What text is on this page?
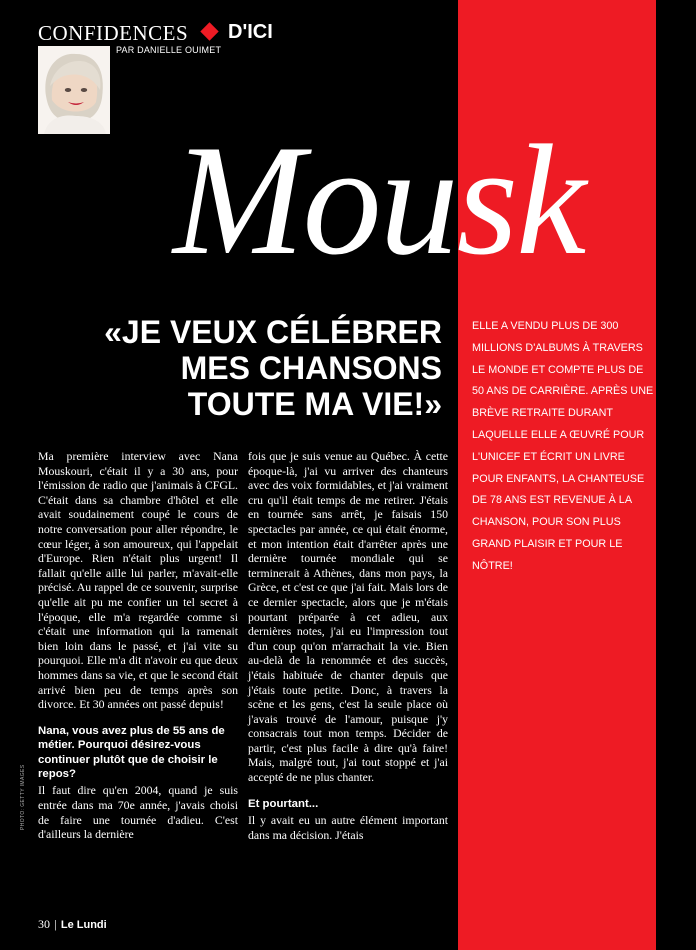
CONFIDENCES D'ICI
PAR DANIELLE OUIMET
Mousk
«JE VEUX CÉLÉBRER
MES CHANSONS
TOUTE MA VIE!»
ELLE A VENDU PLUS DE 300 MILLIONS D'ALBUMS À TRAVERS LE MONDE ET COMPTE PLUS DE 50 ANS DE CARRIÈRE. APRÈS UNE BRÈVE RETRAITE DURANT LAQUELLE ELLE A ŒUVRÉ POUR L'UNICEF ET ÉCRIT UN LIVRE POUR ENFANTS, LA CHANTEUSE DE 78 ANS EST REVENUE À LA CHANSON, POUR SON PLUS GRAND PLAISIR ET POUR LE NÔTRE!

Ma première interview avec Nana Mouskouri, c'était il y a 30 ans, pour l'émission de radio que j'animais à CFGL. C'était dans sa chambre d'hôtel et elle avait soudainement coupé le cours de notre conversation pour aller répondre, le cœur léger, à son amoureux, qui l'appelait d'Europe. Rien n'était plus urgent! Il fallait qu'elle aille lui parler, m'avait-elle précisé. Au rappel de ce souvenir, surprise qu'elle ait pu me confier un tel secret à l'époque, elle m'a regardée comme si c'était une information qui la ramenait bien loin dans le passé, et j'ai vite su pourquoi. Elle m'a dit n'avoir eu que deux hommes dans sa vie, et que le second était arrivé bien peu de temps après son divorce. Et 30 années ont passé depuis!

Nana, vous avez plus de 55 ans de métier. Pourquoi désirez-vous continuer plutôt que de choisir le repos?

Il faut dire qu'en 2004, quand je suis entrée dans ma 70e année, j'avais choisi de faire une tournée d'adieu. C'est d'ailleurs la dernière

fois que je suis venue au Québec. À cette époque-là, j'ai vu arriver des chanteurs avec des voix formidables, et j'ai vraiment cru qu'il était temps de me retirer. J'étais en tournée sans arrêt, je faisais 150 spectacles par année, ce qui était énorme, et mon intention était d'arrêter après une dernière tournée mondiale qui se terminerait à Athènes, dans mon pays, la Grèce, et c'est ce que j'ai fait. Mais lors de ce dernier spectacle, alors que je m'étais pourtant préparée à cet adieu, aux dernières notes, j'ai eu l'impression tout d'un coup qu'on m'arrachait la vie. Bien au-delà de la renommée et des succès, j'étais habituée de chanter depuis que j'étais toute petite. Donc, à travers la scène et les gens, c'est la seule place où j'avais trouvé de l'amour, puisque j'y consacrais tout mon temps. Décider de partir, c'est plus facile à dire qu'à faire! Mais, malgré tout, j'ai tout stoppé et j'ai accepté de ne plus chanter.

Et pourtant...

Il y avait eu un autre élément important dans ma décision. J'étais

PHOTO: GETTY IMAGES
30 | Le Lundi
